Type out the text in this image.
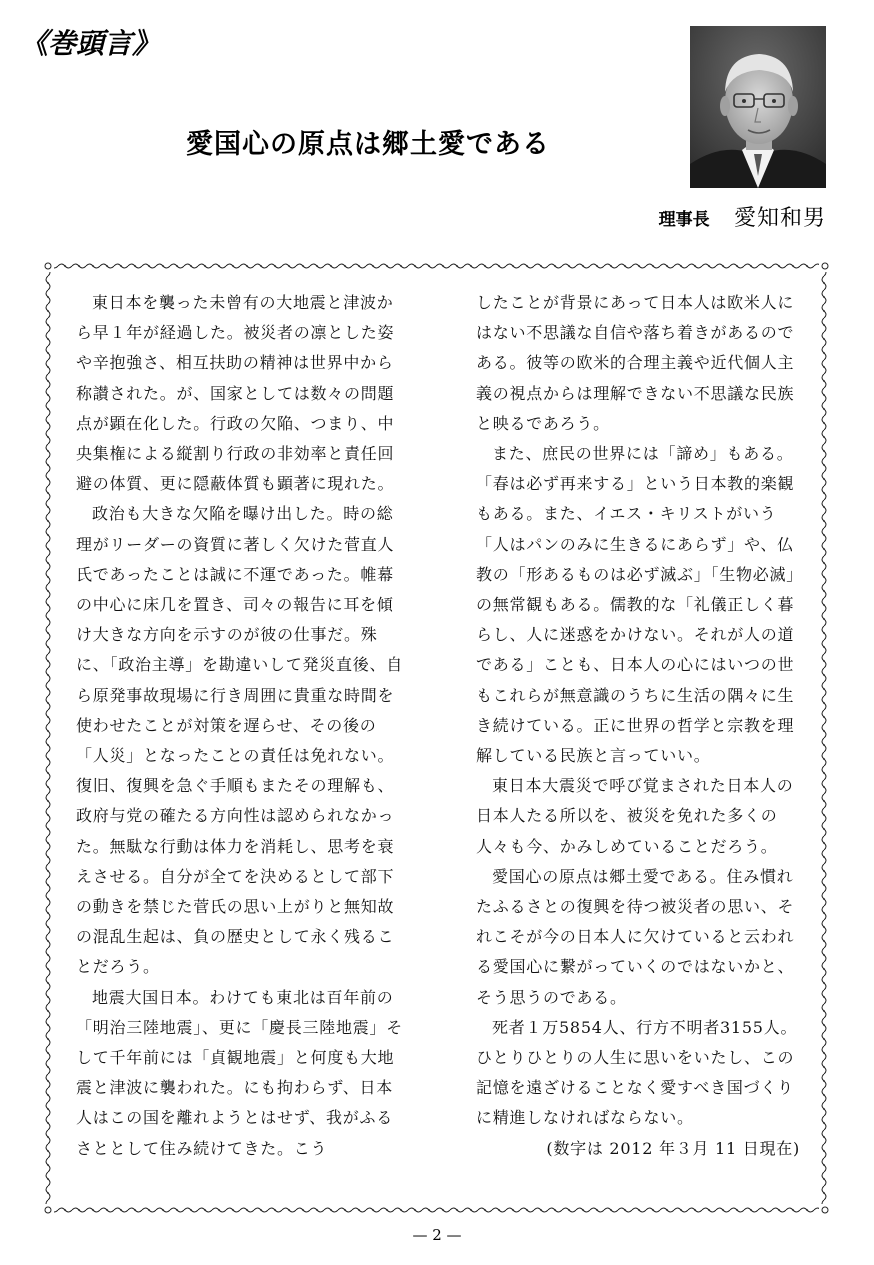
《巻頭言》
愛国心の原点は郷土愛である
理事長 愛知和男

東日本を襲った未曾有の大地震と津波から早１年が経過した。被災者の凛とした姿や辛抱強さ、相互扶助の精神は世界中から称讃された。が、国家としては数々の問題点が顕在化した。行政の欠陥、つまり、中央集権による縦割り行政の非効率と責任回避の体質、更に隠蔽体質も顕著に現れた。

政治も大きな欠陥を曝け出した。時の総理がリーダーの資質に著しく欠けた菅直人氏であったことは誠に不運であった。帷幕の中心に床几を置き、司々の報告に耳を傾け大きな方向を示すのが彼の仕事だ。殊に、「政治主導」を勘違いして発災直後、自ら原発事故現場に行き周囲に貴重な時間を使わせたことが対策を遅らせ、その後の「人災」となったことの責任は免れない。復旧、復興を急ぐ手順もまたその理解も、政府与党の確たる方向性は認められなかった。無駄な行動は体力を消耗し、思考を衰えさせる。自分が全てを決めるとして部下の動きを禁じた菅氏の思い上がりと無知故の混乱生起は、負の歴史として永く残ることだろう。

地震大国日本。わけても東北は百年前の「明治三陸地震」、更に「慶長三陸地震」そして千年前には「貞観地震」と何度も大地震と津波に襲われた。にも拘わらず、日本人はこの国を離れようとはせず、我がふるさととして住み続けてきた。こう

したことが背景にあって日本人は欧米人にはない不思議な自信や落ち着きがあるのである。彼等の欧米的合理主義や近代個人主義の視点からは理解できない不思議な民族と映るであろう。

また、庶民の世界には「諦め」もある。「春は必ず再来する」という日本教的楽観もある。また、イエス・キリストがいう「人はパンのみに生きるにあらず」や、仏教の「形あるものは必ず滅ぶ」「生物必滅」の無常観もある。儒教的な「礼儀正しく暮らし、人に迷惑をかけない。それが人の道である」ことも、日本人の心にはいつの世もこれらが無意識のうちに生活の隅々に生き続けている。正に世界の哲学と宗教を理解している民族と言っていい。

東日本大震災で呼び覚まされた日本人の日本人たる所以を、被災を免れた多くの人々も今、かみしめていることだろう。

愛国心の原点は郷土愛である。住み慣れたふるさとの復興を待つ被災者の思い、それこそが今の日本人に欠けていると云われる愛国心に繋がっていくのではないかと、そう思うのである。

死者１万5854人、行方不明者3155人。ひとりひとりの人生に思いをいたし、この記憶を遠ざけることなく愛すべき国づくりに精進しなければならない。

(数字は 2012 年３月 11 日現在)

— 2 —
